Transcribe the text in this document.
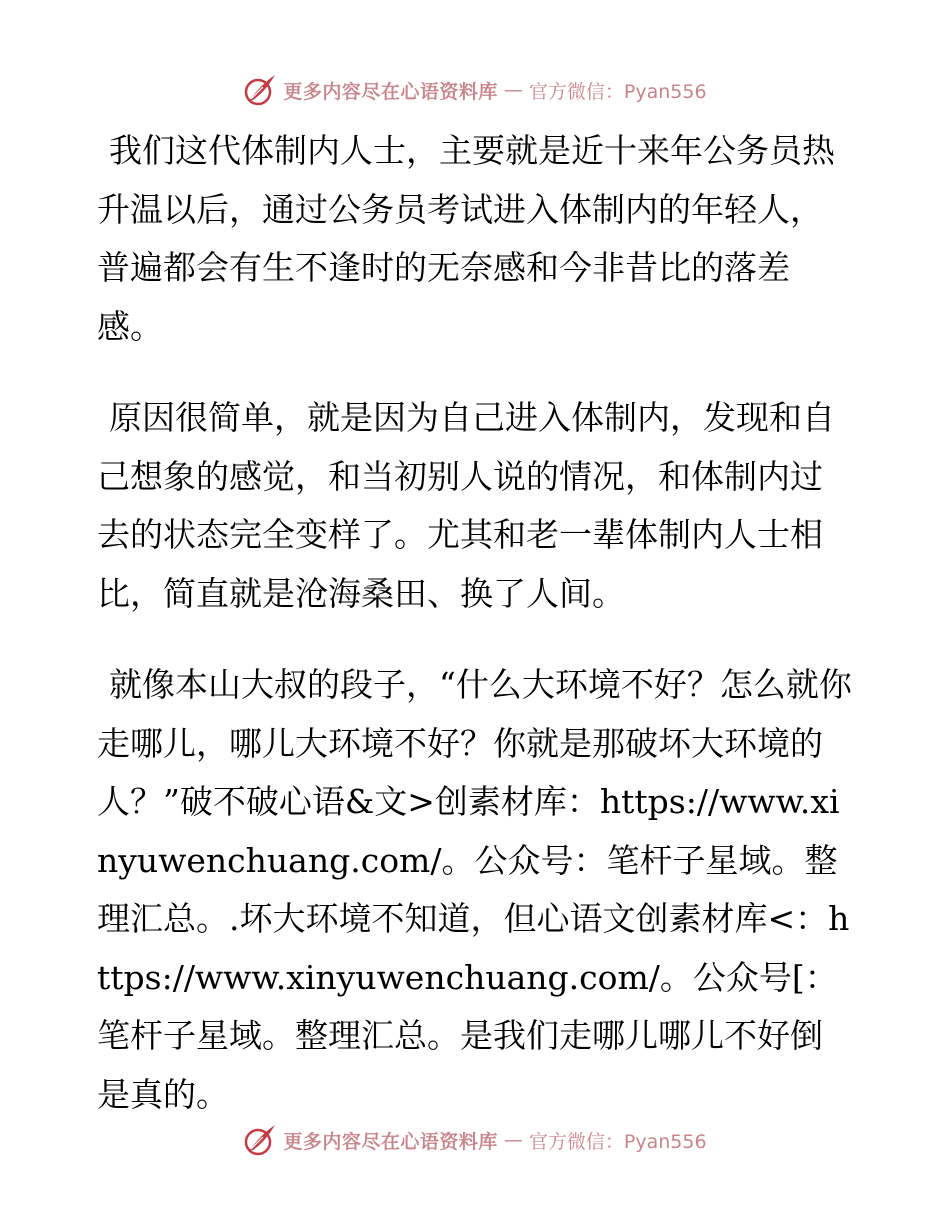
更多内容尽在心语资料库 — 官方微信：Pyan556

我们这代体制内人士，主要就是近十来年公务员热升温以后，通过公务员考试进入体制内的年轻人，普遍都会有生不逢时的无奈感和今非昔比的落差感。

原因很简单，就是因为自己进入体制内，发现和自己想象的感觉，和当初别人说的情况，和体制内过去的状态完全变样了。尤其和老一辈体制内人士相比，简直就是沧海桑田、换了人间。

就像本山大叔的段子，“什么大环境不好？怎么就你走哪儿，哪儿大环境不好？你就是那破坏大环境的人？”破不破心语&文>创素材库：https://www.xinyuwenchuang.com/。公众号：笔杆子星域。整理汇总。.坏大环境不知道，但心语文创素材库<：https://www.xinyuwenchuang.com/。公众号[：笔杆子星域。整理汇总。是我们走哪儿哪儿不好倒是真的。

更多内容尽在心语资料库 — 官方微信：Pyan556
